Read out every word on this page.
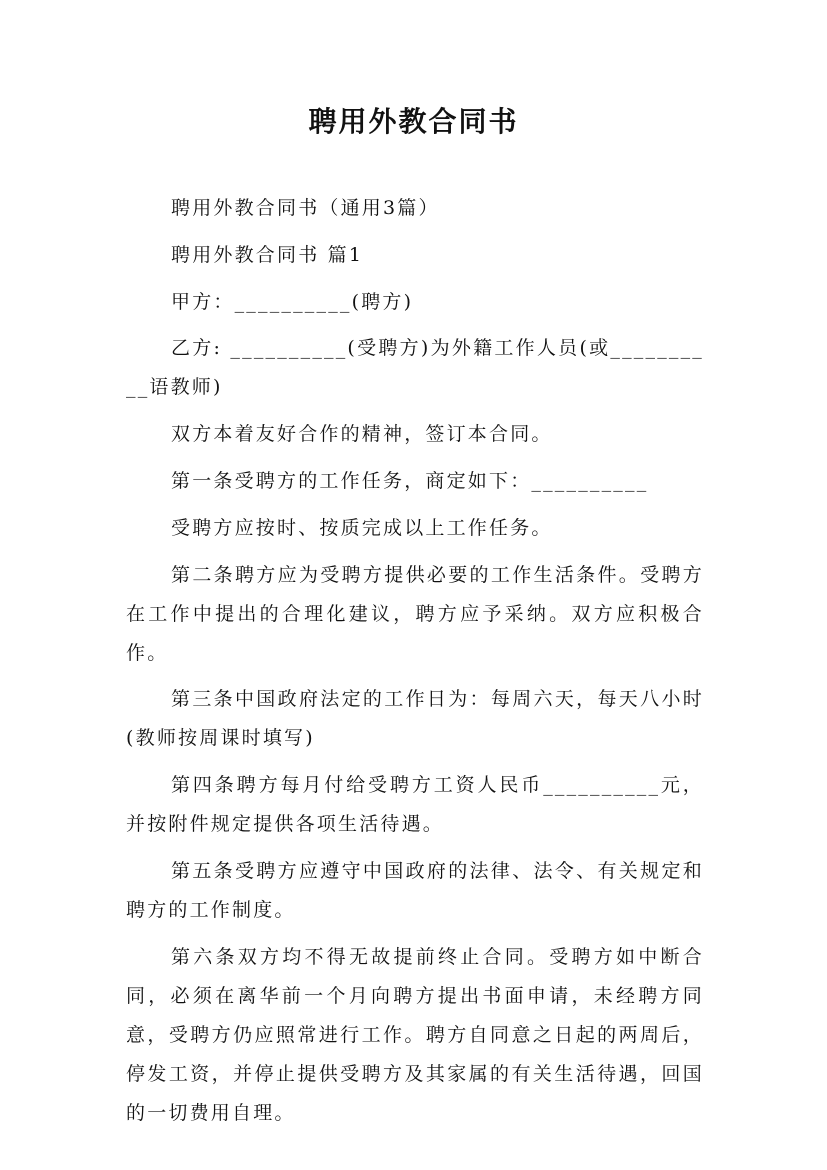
聘用外教合同书

聘用外教合同书（通用3篇）

聘用外教合同书 篇1

甲方：__________(聘方)

乙方: __________(受聘方)为外籍工作人员(或__________语教师)

双方本着友好合作的精神，签订本合同。

第一条受聘方的工作任务，商定如下：__________

受聘方应按时、按质完成以上工作任务。

第二条聘方应为受聘方提供必要的工作生活条件。受聘方在工作中提出的合理化建议，聘方应予采纳。双方应积极合作。

第三条中国政府法定的工作日为：每周六天，每天八小时(教师按周课时填写)

第四条聘方每月付给受聘方工资人民币__________元，并按附件规定提供各项生活待遇。

第五条受聘方应遵守中国政府的法律、法令、有关规定和聘方的工作制度。

第六条双方均不得无故提前终止合同。受聘方如中断合同，必须在离华前一个月向聘方提出书面申请，未经聘方同意，受聘方仍应照常进行工作。聘方自同意之日起的两周后，停发工资，并停止提供受聘方及其家属的有关生活待遇，回国的一切费用自理。
